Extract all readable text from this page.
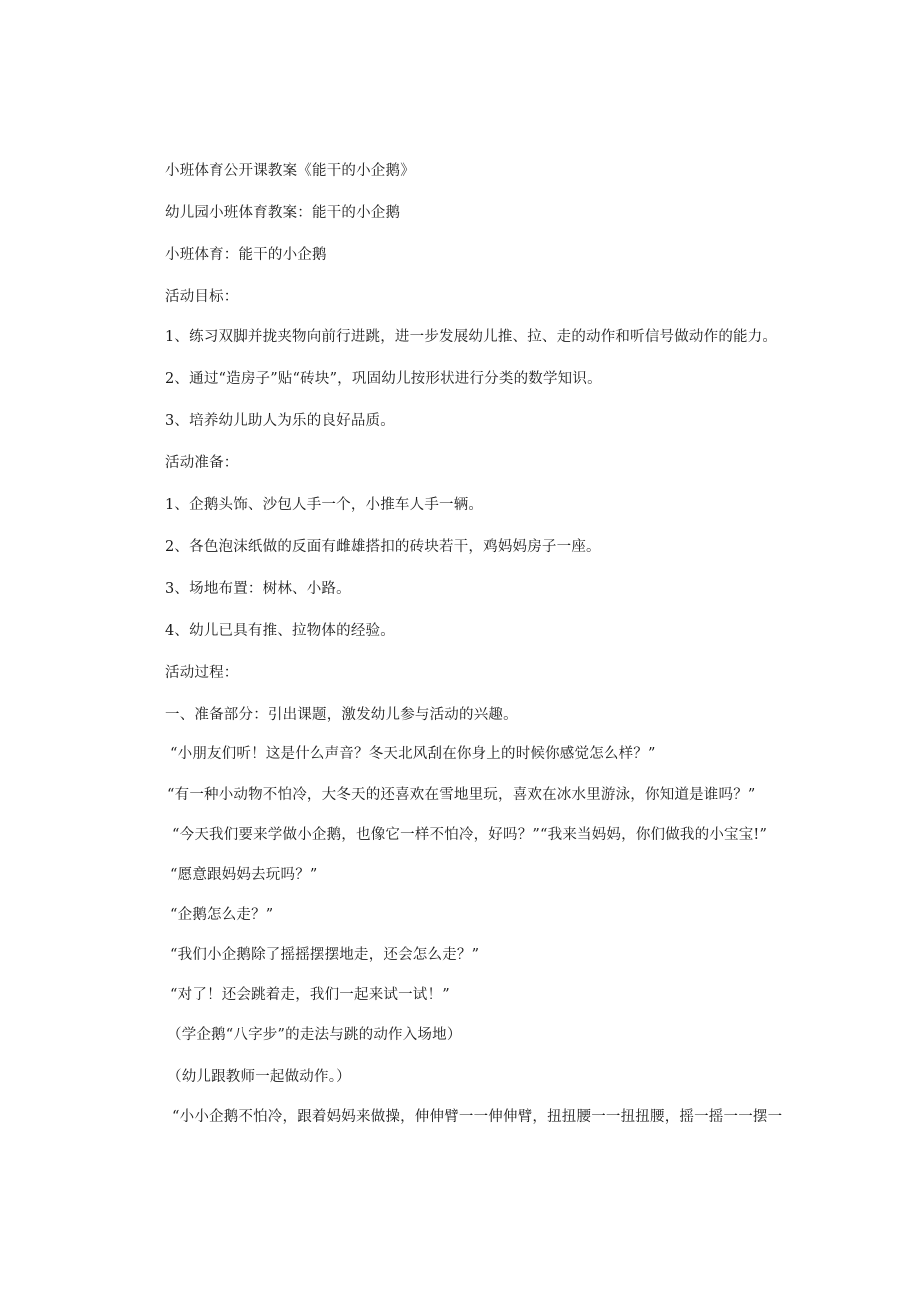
小班体育公开课教案《能干的小企鹅》
幼儿园小班体育教案：能干的小企鹅
小班体育：能干的小企鹅
活动目标：
1、练习双脚并拢夹物向前行进跳，进一步发展幼儿推、拉、走的动作和听信号做动作的能力。
2、通过“造房子”贴“砖块”，巩固幼儿按形状进行分类的数学知识。
3、培养幼儿助人为乐的良好品质。
活动准备：
1、企鹅头饰、沙包人手一个，小推车人手一辆。
2、各色泡沫纸做的反面有雌雄搭扣的砖块若干，鸡妈妈房子一座。
3、场地布置：树林、小路。
4、幼儿已具有推、拉物体的经验。
活动过程：
一、准备部分：引出课题，激发幼儿参与活动的兴趣。
“小朋友们听！这是什么声音？冬天北风刮在你身上的时候你感觉怎么样？”
“有一种小动物不怕冷，大冬天的还喜欢在雪地里玩，喜欢在冰水里游泳，你知道是谁吗？”
“今天我们要来学做小企鹅，也像它一样不怕冷，好吗？”“我来当妈妈，你们做我的小宝宝!”
“愿意跟妈妈去玩吗？”
“企鹅怎么走？”
“我们小企鹅除了摇摇摆摆地走，还会怎么走？”
“对了！还会跳着走，我们一起来试一试！”
（学企鹅“八字步”的走法与跳的动作入场地）
（幼儿跟教师一起做动作。）
“小小企鹅不怕冷，跟着妈妈来做操，伸伸臂一一伸伸臂，扭扭腰一一扭扭腰，摇一摇一一摆一
